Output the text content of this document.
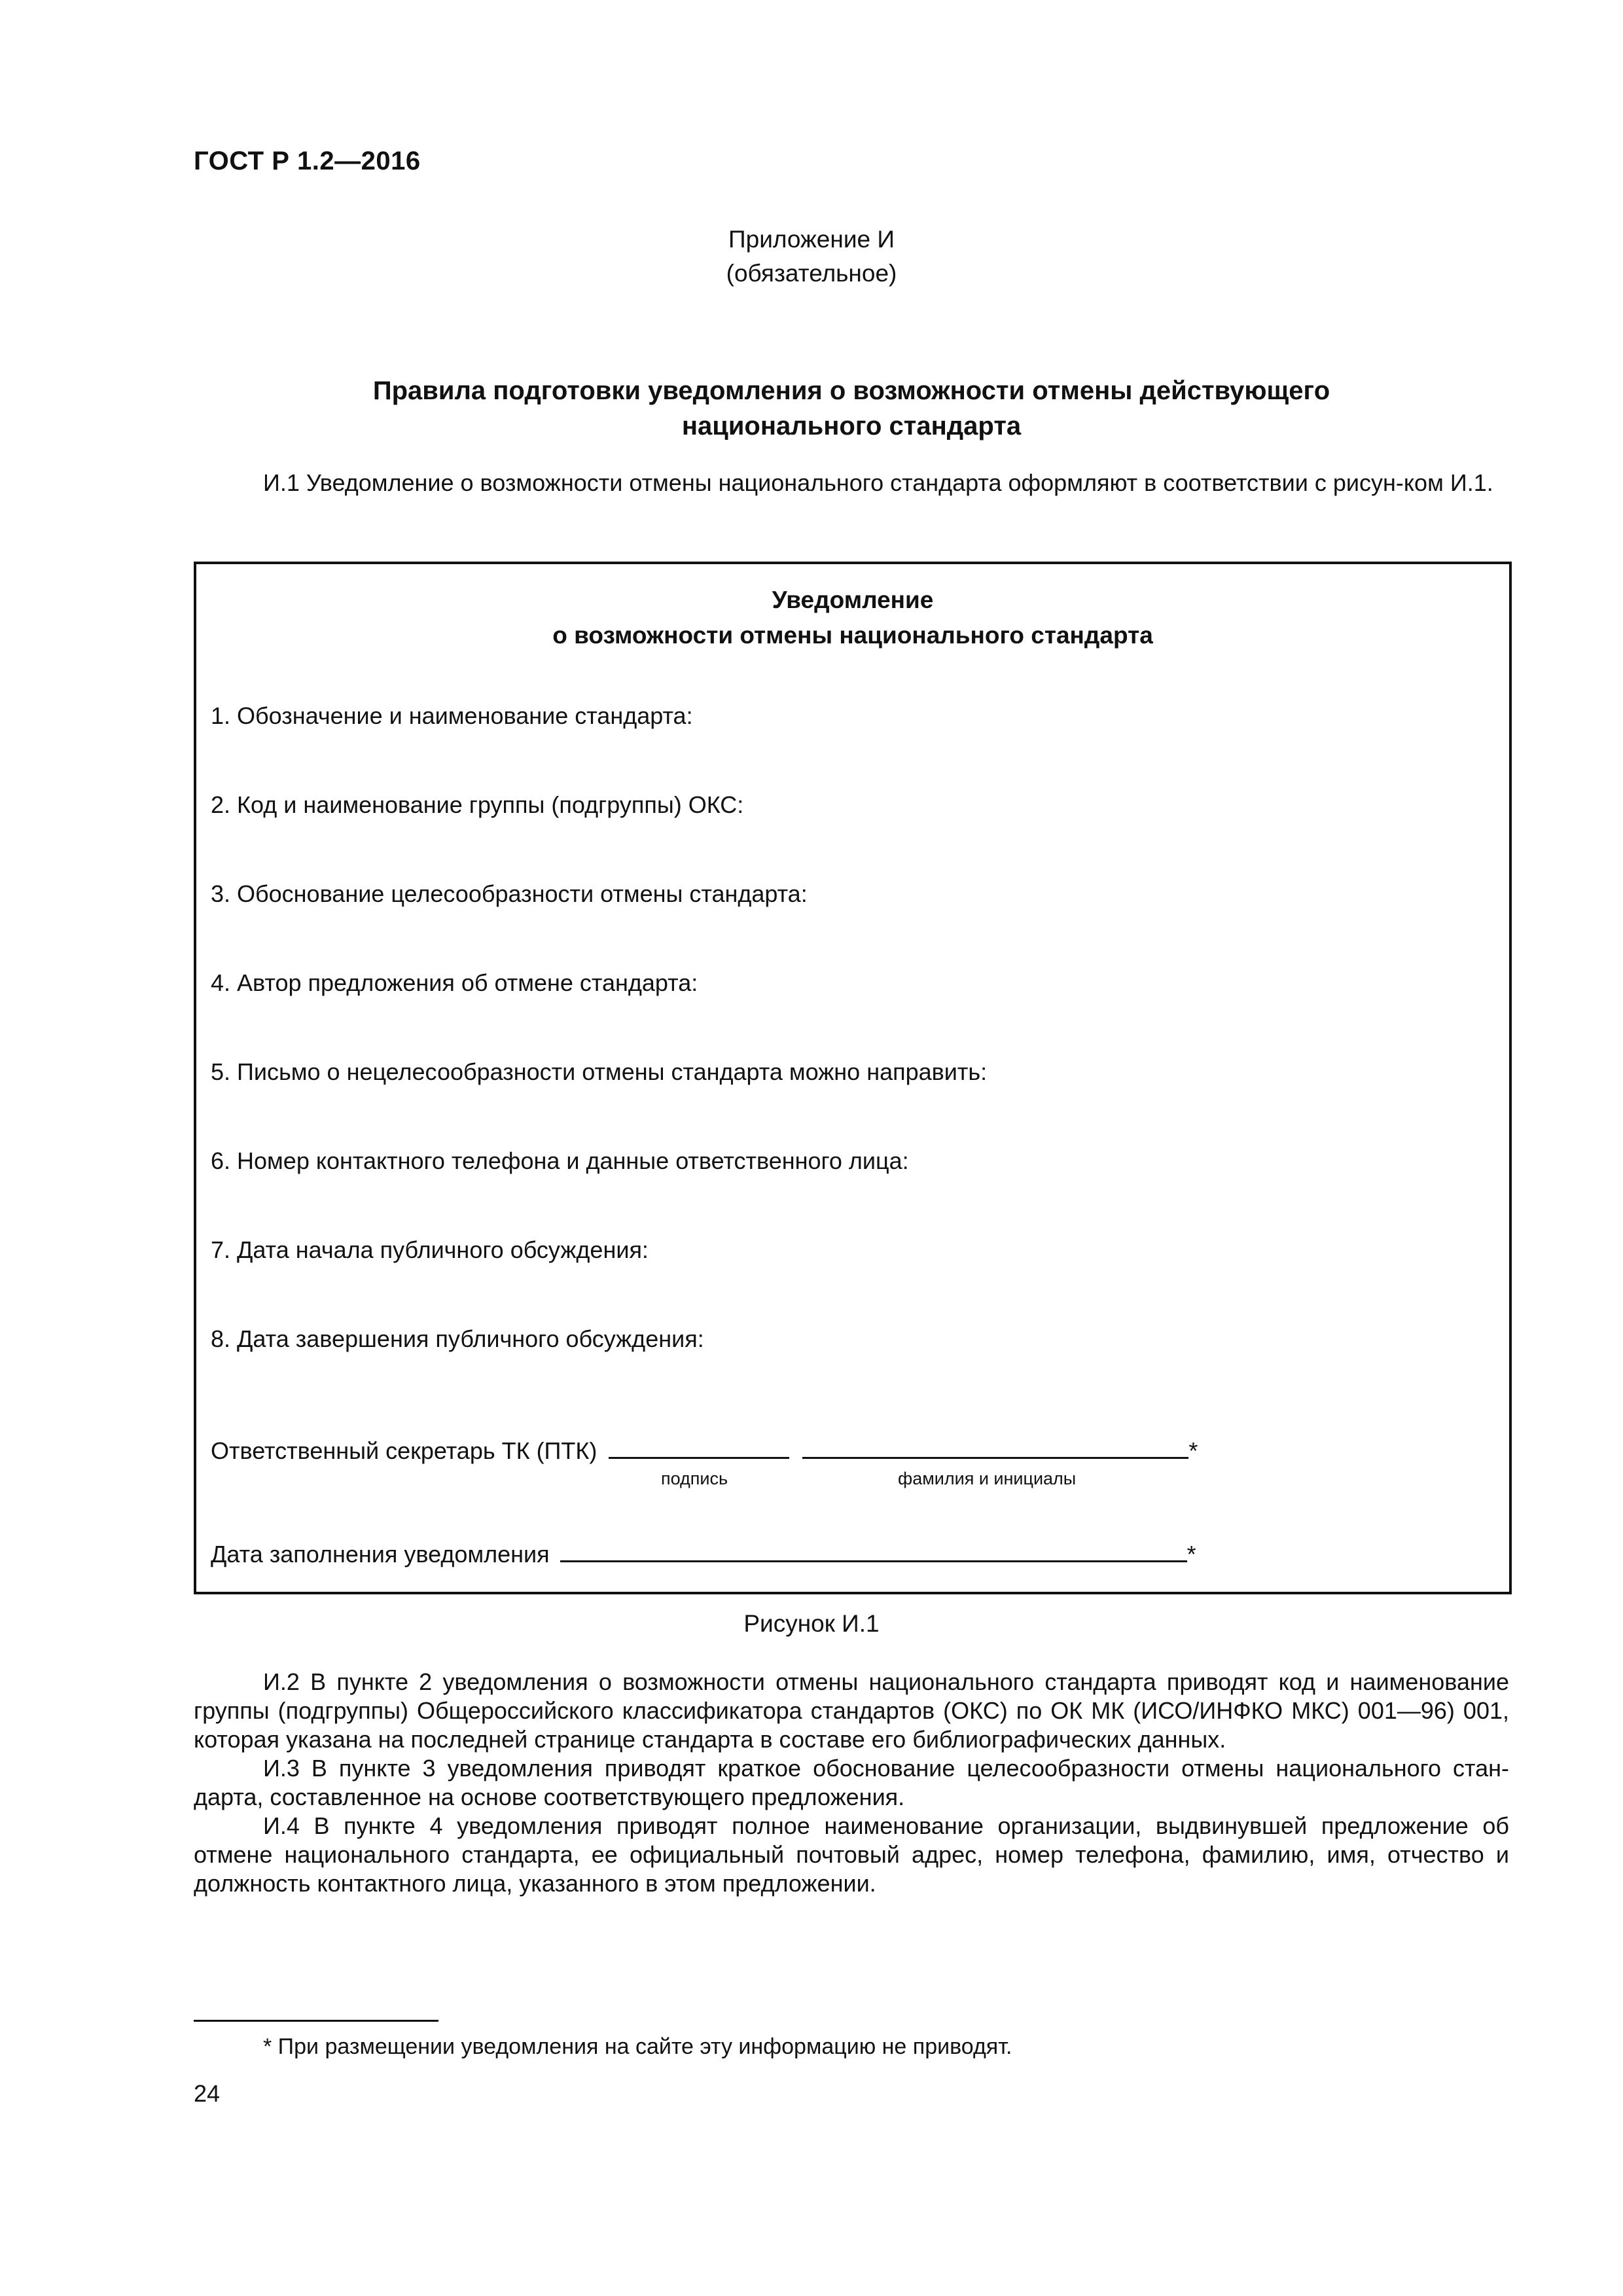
ГОСТ Р 1.2—2016
Приложение И
(обязательное)
Правила подготовки уведомления о возможности отмены действующего
национального стандарта
И.1 Уведомление о возможности отмены национального стандарта оформляют в соответствии с рисун-ком И.1.
Уведомление
о возможности отмены национального стандарта
1. Обозначение и наименование стандарта:
2. Код и наименование группы (подгруппы) ОКС:
3. Обоснование целесообразности отмены стандарта:
4. Автор предложения об отмене стандарта:
5. Письмо о нецелесообразности отмены стандарта можно направить:
6. Номер контактного телефона и данные ответственного лица:
7. Дата начала публичного обсуждения:
8. Дата завершения публичного обсуждения:
Ответственный секретарь ТК (ПТК)	*
подпись	фамилия и инициалы
Дата заполнения уведомления	*
Рисунок И.1
И.2 В пункте 2 уведомления о возможности отмены национального стандарта приводят код и наименование группы (подгруппы) Общероссийского классификатора стандартов (ОКС) по ОК МК (ИСО/ИНФКО МКС) 001—96) 001, которая указана на последней странице стандарта в составе его библиографических данных.
И.3 В пункте 3 уведомления приводят краткое обоснование целесообразности отмены национального стан-дарта, составленное на основе соответствующего предложения.
И.4 В пункте 4 уведомления приводят полное наименование организации, выдвинувшей предложение об отмене национального стандарта, ее официальный почтовый адрес, номер телефона, фамилию, имя, отчество и должность контактного лица, указанного в этом предложении.
* При размещении уведомления на сайте эту информацию не приводят.
24
